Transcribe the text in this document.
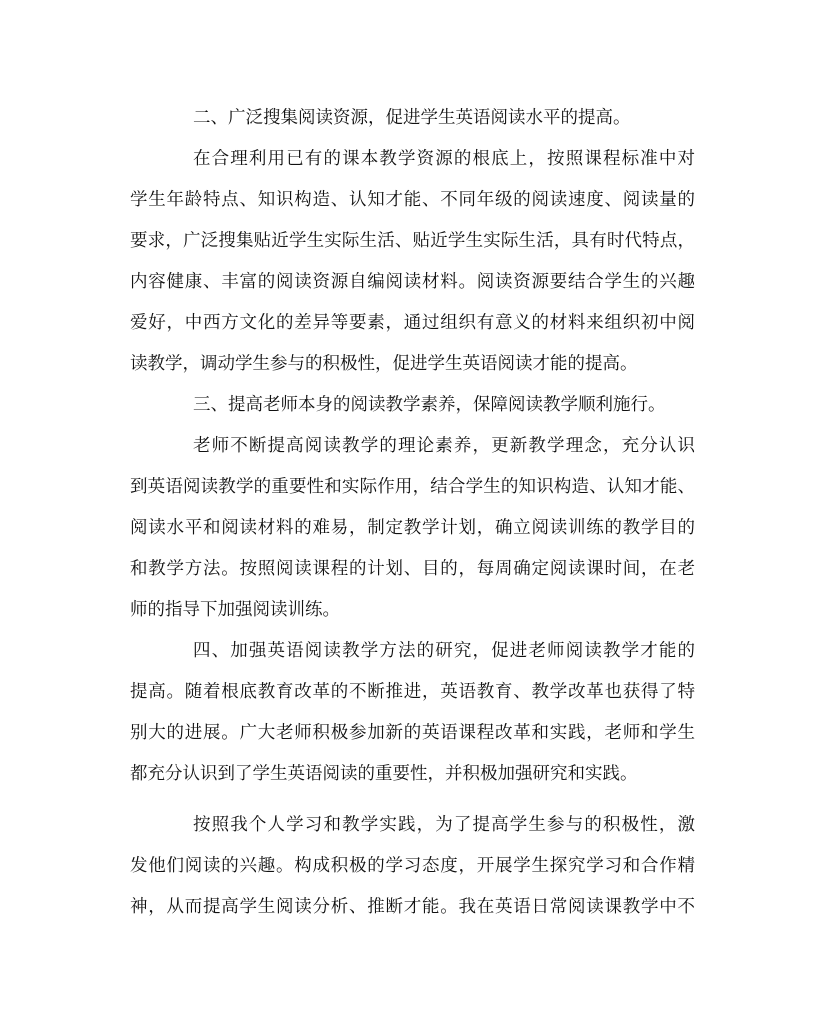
二、广泛搜集阅读资源，促进学生英语阅读水平的提高。
在合理利用已有的课本教学资源的根底上，按照课程标准中对
学生年龄特点、知识构造、认知才能、不同年级的阅读速度、阅读量的
要求，广泛搜集贴近学生实际生活、贴近学生实际生活，具有时代特点，
内容健康、丰富的阅读资源自编阅读材料。阅读资源要结合学生的兴趣
爱好，中西方文化的差异等要素，通过组织有意义的材料来组织初中阅
读教学，调动学生参与的积极性，促进学生英语阅读才能的提高。
三、提高老师本身的阅读教学素养，保障阅读教学顺利施行。
老师不断提高阅读教学的理论素养，更新教学理念，充分认识
到英语阅读教学的重要性和实际作用，结合学生的知识构造、认知才能、
阅读水平和阅读材料的难易，制定教学计划，确立阅读训练的教学目的
和教学方法。按照阅读课程的计划、目的，每周确定阅读课时间，在老
师的指导下加强阅读训练。
四、加强英语阅读教学方法的研究，促进老师阅读教学才能的
提高。随着根底教育改革的不断推进，英语教育、教学改革也获得了特
别大的进展。广大老师积极参加新的英语课程改革和实践，老师和学生
都充分认识到了学生英语阅读的重要性，并积极加强研究和实践。
按照我个人学习和教学实践，为了提高学生参与的积极性，激
发他们阅读的兴趣。构成积极的学习态度，开展学生探究学习和合作精
神，从而提高学生阅读分析、推断才能。我在英语日常阅读课教学中不
